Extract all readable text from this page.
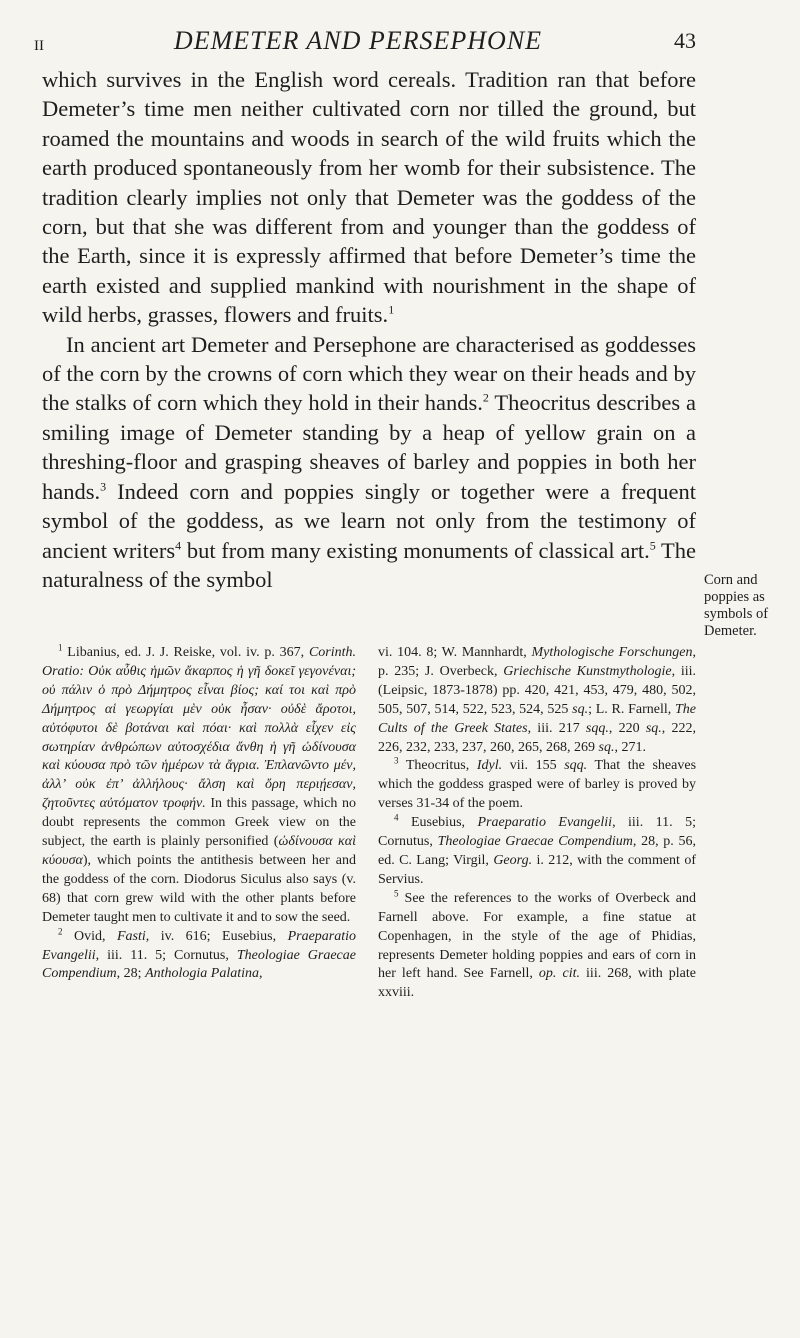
II	DEMETER AND PERSEPHONE	43

which survives in the English word cereals. Tradition ran that before Demeter’s time men neither cultivated corn nor tilled the ground, but roamed the mountains and woods in search of the wild fruits which the earth produced spontaneously from her womb for their subsistence. The tradition clearly implies not only that Demeter was the goddess of the corn, but that she was different from and younger than the goddess of the Earth, since it is expressly affirmed that before Demeter’s time the earth existed and supplied mankind with nourishment in the shape of wild herbs, grasses, flowers and fruits.$^1$

In ancient art Demeter and Persephone are characterised as goddesses of the corn by the crowns of corn which they wear on their heads and by the stalks of corn which they hold in their hands.$^2$ Theocritus describes a smiling image of Demeter standing by a heap of yellow grain on a threshing-floor and grasping sheaves of barley and poppies in both her hands.$^3$ Indeed corn and poppies singly or together were a frequent symbol of the goddess, as we learn not only from the testimony of ancient writers$^4$ but from many existing monuments of classical art.$^5$ The naturalness of the symbol	Corn and poppies as symbols of Demeter.

$^1$ Libanius, ed. J. J. Reiske, vol. iv. p. 367, Corinth. Oratio: Οὐκ αὖθις ἡμῶν ἄκαρπος ἡ γῆ δοκεῖ γεγονέναι; οὐ πάλιν ὁ πρὸ Δήμητρος εἶναι βίος; καί τοι καὶ πρὸ Δήμητρος αἱ γεωργίαι μὲν οὐκ ἦσαν· οὐδὲ ἄροτοι, αὐτόφυτοι δὲ βοτάναι καὶ πόαι· καὶ πολλὰ εἶχεν εἰς σωτηρίαν ἀνθρώπων αὐτοσχέδια ἄνθη ἡ γῆ ὠδίνουσα καὶ κύουσα πρὸ τῶν ἡμέρων τὰ ἄγρια. Ἐπλανῶντο μέν, ἀλλ’ οὐκ ἐπ’ ἀλλήλους· ἄλση καὶ ὄρη περιῄεσαν, ζητοῦντες αὐτόματον τροφήν. In this passage, which no doubt represents the common Greek view on the subject, the earth is plainly personified (ὠδίνουσα καὶ κύουσα), which points the antithesis between her and the goddess of the corn. Diodorus Siculus also says (v. 68) that corn grew wild with the other plants before Demeter taught men to cultivate it and to sow the seed.

$^2$ Ovid, Fasti, iv. 616; Eusebius, Praeparatio Evangelii, iii. 11. 5; Cornutus, Theologiae Graecae Compendium, 28; Anthologia Palatina,

vi. 104. 8; W. Mannhardt, Mythologische Forschungen, p. 235; J. Overbeck, Griechische Kunstmythologie, iii. (Leipsic, 1873-1878) pp. 420, 421, 453, 479, 480, 502, 505, 507, 514, 522, 523, 524, 525 sq.; L. R. Farnell, The Cults of the Greek States, iii. 217 sqq., 220 sq., 222, 226, 232, 233, 237, 260, 265, 268, 269 sq., 271.

$^3$ Theocritus, Idyl. vii. 155 sqq. That the sheaves which the goddess grasped were of barley is proved by verses 31-34 of the poem.

$^4$ Eusebius, Praeparatio Evangelii, iii. 11. 5; Cornutus, Theologiae Graecae Compendium, 28, p. 56, ed. C. Lang; Virgil, Georg. i. 212, with the comment of Servius.

$^5$ See the references to the works of Overbeck and Farnell above. For example, a fine statue at Copenhagen, in the style of the age of Phidias, represents Demeter holding poppies and ears of corn in her left hand. See Farnell, op. cit. iii. 268, with plate xxviii.
